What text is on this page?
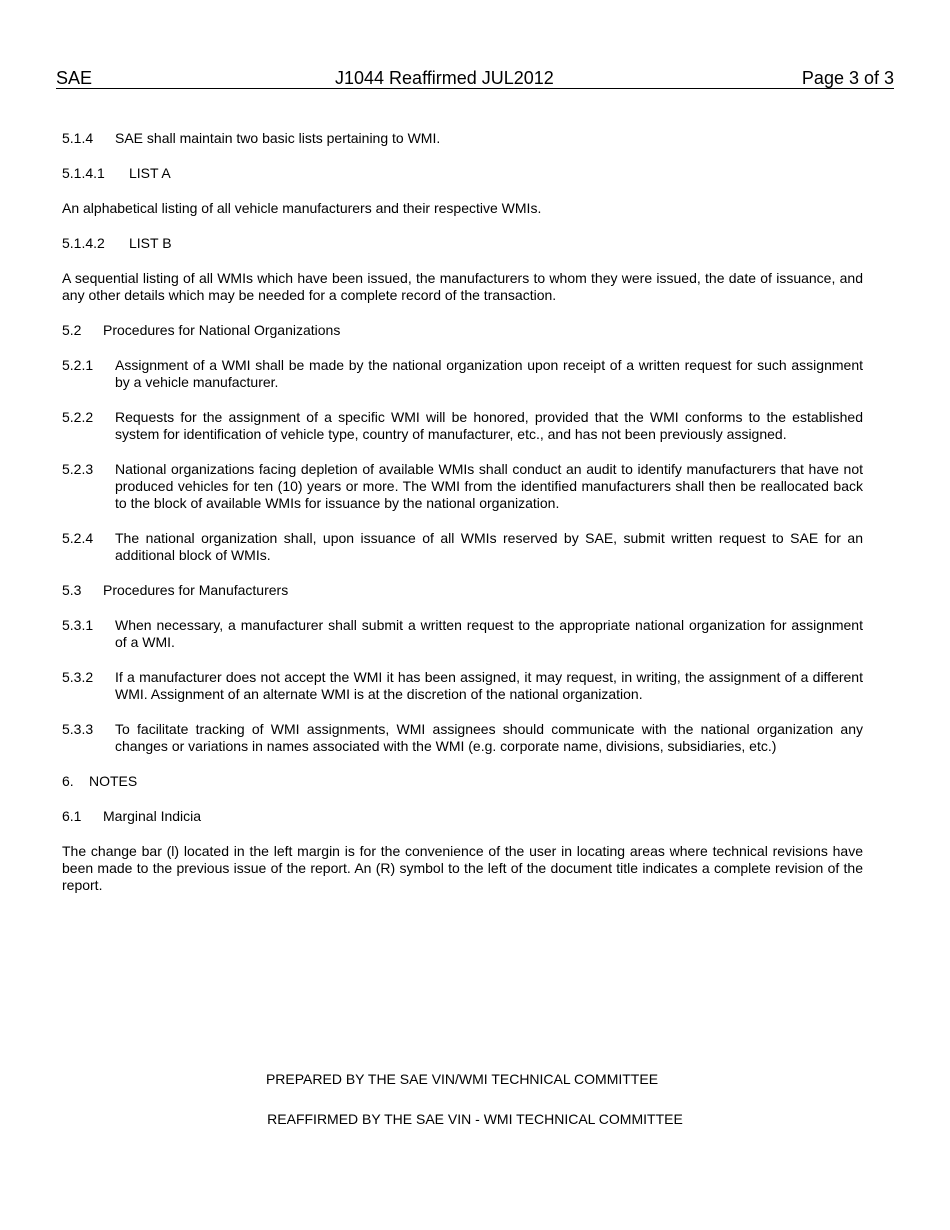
SAE	J1044 Reaffirmed JUL2012	Page 3 of 3
5.1.4	SAE shall maintain two basic lists pertaining to WMI.
5.1.4.1	LIST A

An alphabetical listing of all vehicle manufacturers and their respective WMIs.

5.1.4.2	LIST B

A sequential listing of all WMIs which have been issued, the manufacturers to whom they were issued, the date of issuance, and any other details which may be needed for a complete record of the transaction.

5.2	Procedures for National Organizations
5.2.1	Assignment of a WMI shall be made by the national organization upon receipt of a written request for such assignment by a vehicle manufacturer.
5.2.2	Requests for the assignment of a specific WMI will be honored, provided that the WMI conforms to the established system for identification of vehicle type, country of manufacturer, etc., and has not been previously assigned.
5.2.3	National organizations facing depletion of available WMIs shall conduct an audit to identify manufacturers that have not produced vehicles for ten (10) years or more. The WMI from the identified manufacturers shall then be reallocated back to the block of available WMIs for issuance by the national organization.
5.2.4	The national organization shall, upon issuance of all WMIs reserved by SAE, submit written request to SAE for an additional block of WMIs.
5.3	Procedures for Manufacturers
5.3.1	When necessary, a manufacturer shall submit a written request to the appropriate national organization for assignment of a WMI.
5.3.2	If a manufacturer does not accept the WMI it has been assigned, it may request, in writing, the assignment of a different WMI. Assignment of an alternate WMI is at the discretion of the national organization.
5.3.3	To facilitate tracking of WMI assignments, WMI assignees should communicate with the national organization any changes or variations in names associated with the WMI (e.g. corporate name, divisions, subsidiaries, etc.)
6.	NOTES
6.1	Marginal Indicia

The change bar (l) located in the left margin is for the convenience of the user in locating areas where technical revisions have been made to the previous issue of the report. An (R) symbol to the left of the document title indicates a complete revision of the report.

PREPARED BY THE SAE VIN/WMI TECHNICAL COMMITTEE
REAFFIRMED BY THE SAE VIN - WMI TECHNICAL COMMITTEE
